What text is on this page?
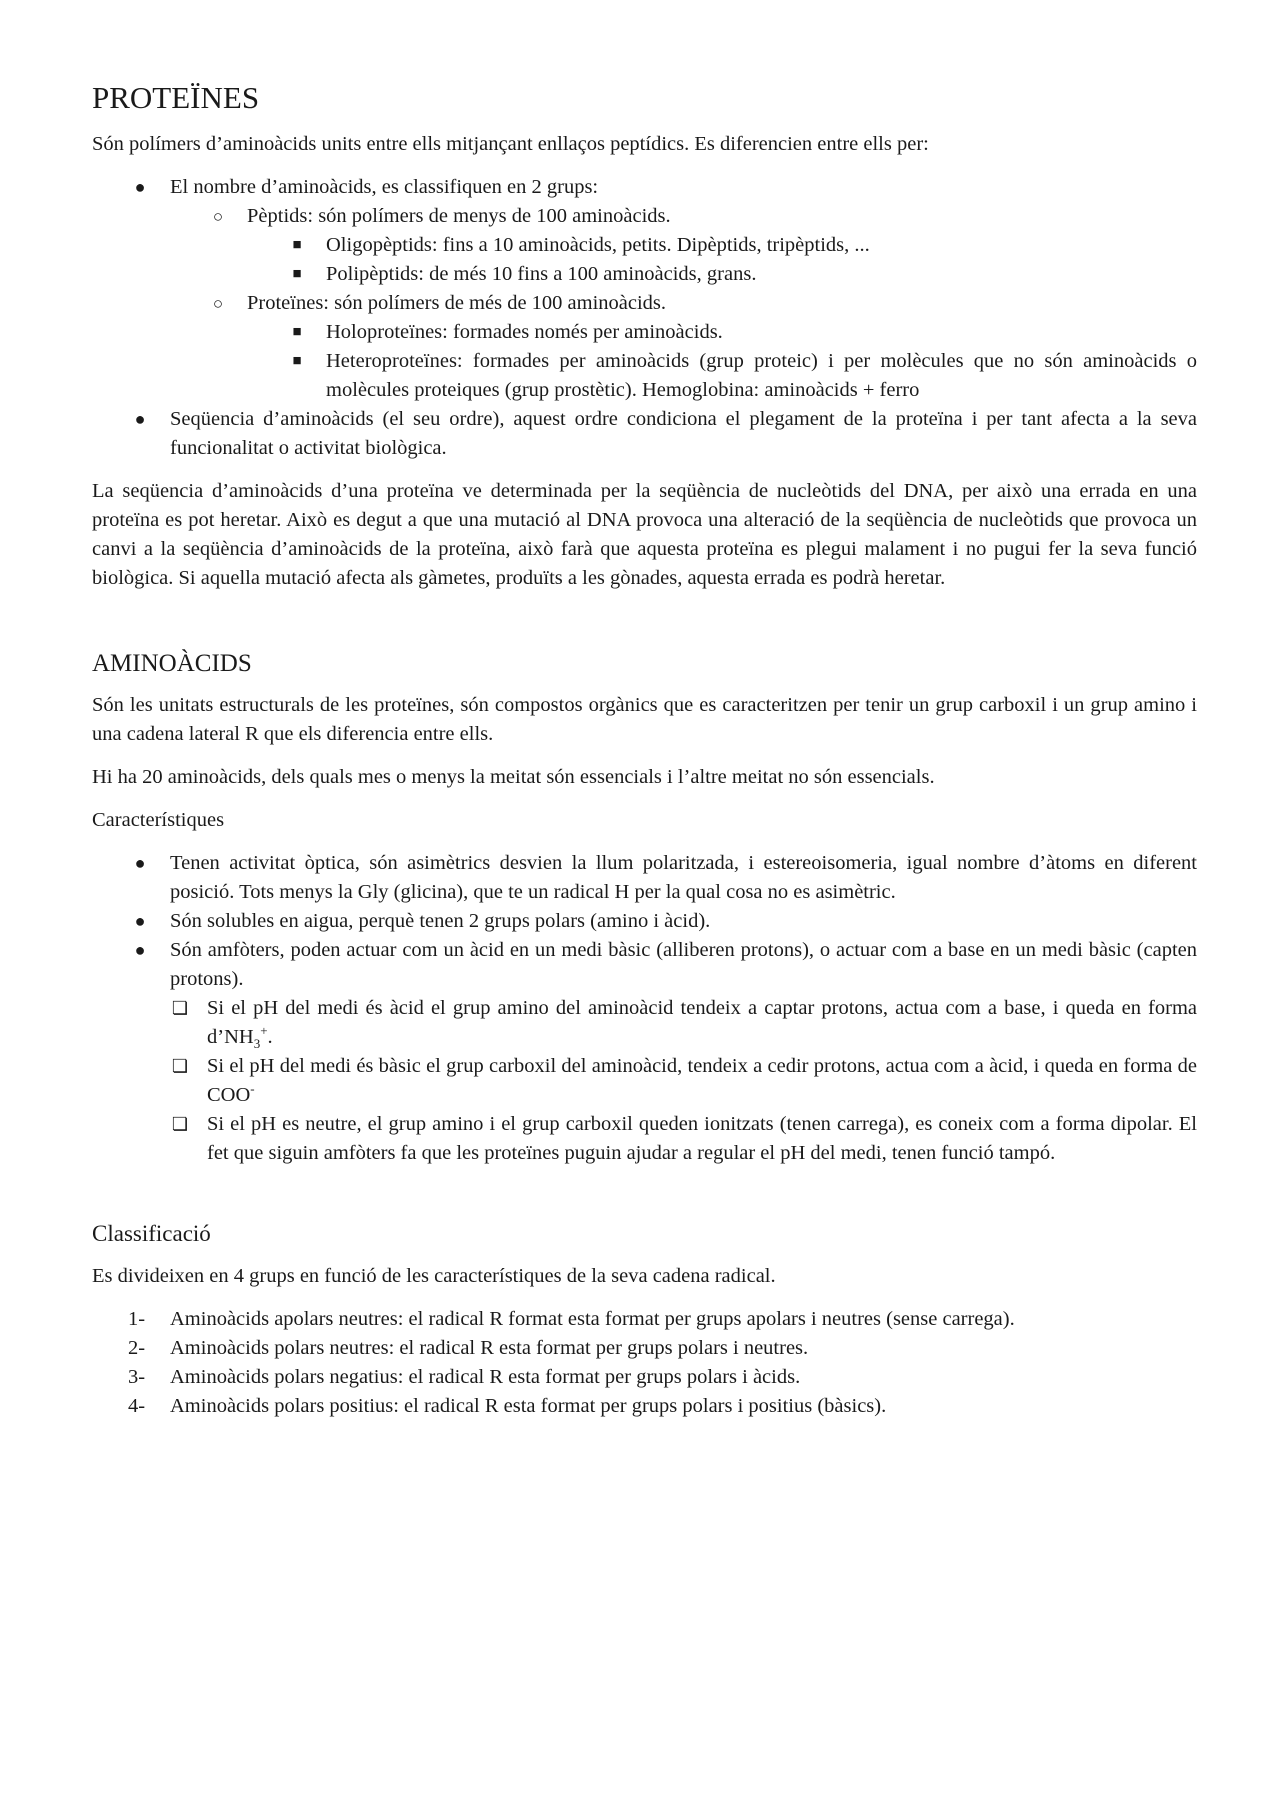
PROTEÏNES

Són polímers d’aminoàcids units entre ells mitjançant enllaços peptídics. Es diferencien entre ells per:

●	El nombre d’aminoàcids, es classifiquen en 2 grups:
○	Pèptids: són polímers de menys de 100 aminoàcids.
■	Oligopèptids: fins a 10 aminoàcids, petits. Dipèptids, tripèptids, ...
■	Polipèptids: de més 10 fins a 100 aminoàcids, grans.
○	Proteïnes: són polímers de més de 100 aminoàcids.
■	Holoproteïnes: formades només per aminoàcids.
■	Heteroproteïnes: formades per aminoàcids (grup proteic) i per molècules que no són aminoàcids o molècules proteiques (grup prostètic). Hemoglobina: aminoàcids + ferro
●	Seqüencia d’aminoàcids (el seu ordre), aquest ordre condiciona el plegament de la proteïna i per tant afecta a la seva funcionalitat o activitat biològica.

La seqüencia d’aminoàcids d’una proteïna ve determinada per la seqüència de nucleòtids del DNA, per això una errada en una proteïna es pot heretar. Això es degut a que una mutació al DNA provoca una alteració de la seqüència de nucleòtids que provoca un canvi a la seqüència d’aminoàcids de la proteïna, això farà que aquesta proteïna es plegui malament i no pugui fer la seva funció biològica. Si aquella mutació afecta als gàmetes, produïts a les gònades, aquesta errada es podrà heretar.

AMINOÀCIDS

Són les unitats estructurals de les proteïnes, són compostos orgànics que es caracteritzen per tenir un grup carboxil i un grup amino i una cadena lateral R que els diferencia entre ells.

Hi ha 20 aminoàcids, dels quals mes o menys la meitat són essencials i l’altre meitat no són essencials.

Característiques

●	Tenen activitat òptica, són asimètrics desvien la llum polaritzada, i estereoisomeria, igual nombre d’àtoms en diferent posició. Tots menys la Gly (glicina), que te un radical H per la qual cosa no es asimètric.
●	Són solubles en aigua, perquè tenen 2 grups polars (amino i àcid).
●	Són amfòters, poden actuar com un àcid en un medi bàsic (alliberen protons), o actuar com a base en un medi bàsic (capten protons).
❏ Si el pH del medi és àcid el grup amino del aminoàcid tendeix a captar protons, actua com a base, i queda en forma $d’NH_3^+$.
❏ Si el pH del medi és bàsic el grup carboxil del aminoàcid, tendeix a cedir protons, actua com a àcid, i queda en forma de COO-
❏ Si el pH es neutre, el grup amino i el grup carboxil queden ionitzats (tenen carrega), es coneix com a forma dipolar. El fet que siguin amfòters fa que les proteïnes puguin ajudar a regular el pH del medi, tenen funció tampó.
Classificació

Es divideixen en 4 grups en funció de les característiques de la seva cadena radical.

1-	Aminoàcids apolars neutres: el radical R format esta format per grups apolars i neutres (sense carrega).
2-	Aminoàcids polars neutres: el radical R esta format per grups polars i neutres.
3-	Aminoàcids polars negatius: el radical R esta format per grups polars i àcids.
4-	Aminoàcids polars positius: el radical R esta format per grups polars i positius (bàsics).
